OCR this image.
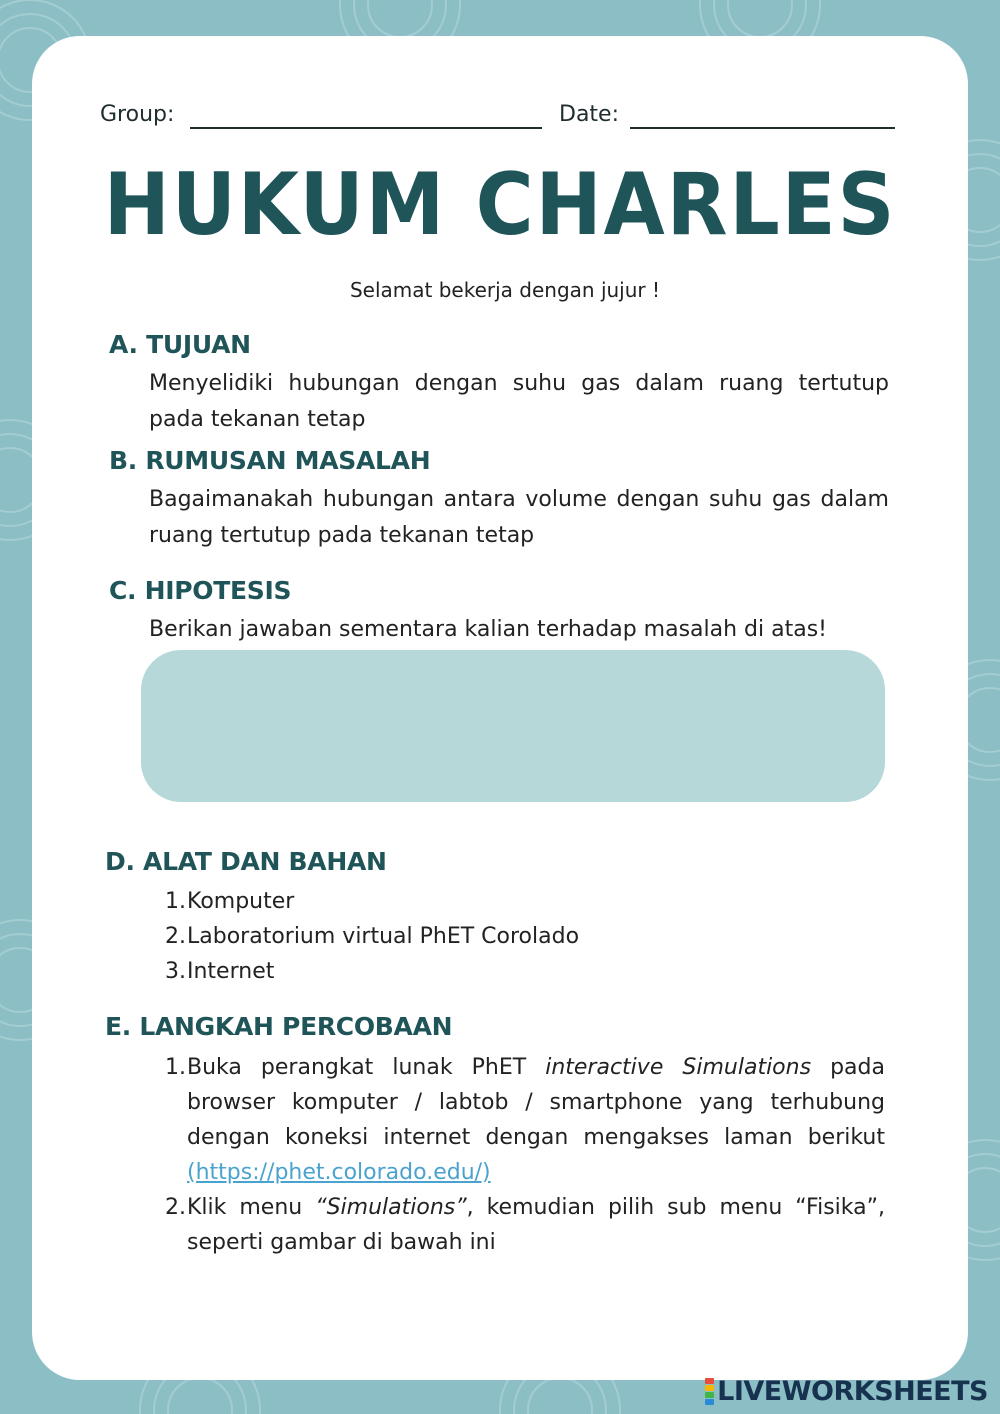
Group:	Date:
HUKUM CHARLES
Selamat bekerja dengan jujur !
A. TUJUAN
Menyelidiki hubungan dengan suhu gas dalam ruang tertutup pada tekanan tetap
B. RUMUSAN MASALAH
Bagaimanakah hubungan antara volume dengan suhu gas dalam ruang tertutup pada tekanan tetap
C. HIPOTESIS
Berikan jawaban sementara kalian terhadap masalah di atas!
D. ALAT DAN BAHAN
1. Komputer
2. Laboratorium virtual PhET Corolado
3. Internet
E. LANGKAH PERCOBAAN
1. Buka perangkat lunak PhET interactive Simulations pada browser komputer / labtob / smartphone yang terhubung dengan koneksi internet dengan mengakses laman berikut (https://phet.colorado.edu/)
2. Klik menu “Simulations”, kemudian pilih sub menu “Fisika”, seperti gambar di bawah ini
LIVEWORKSHEETS
